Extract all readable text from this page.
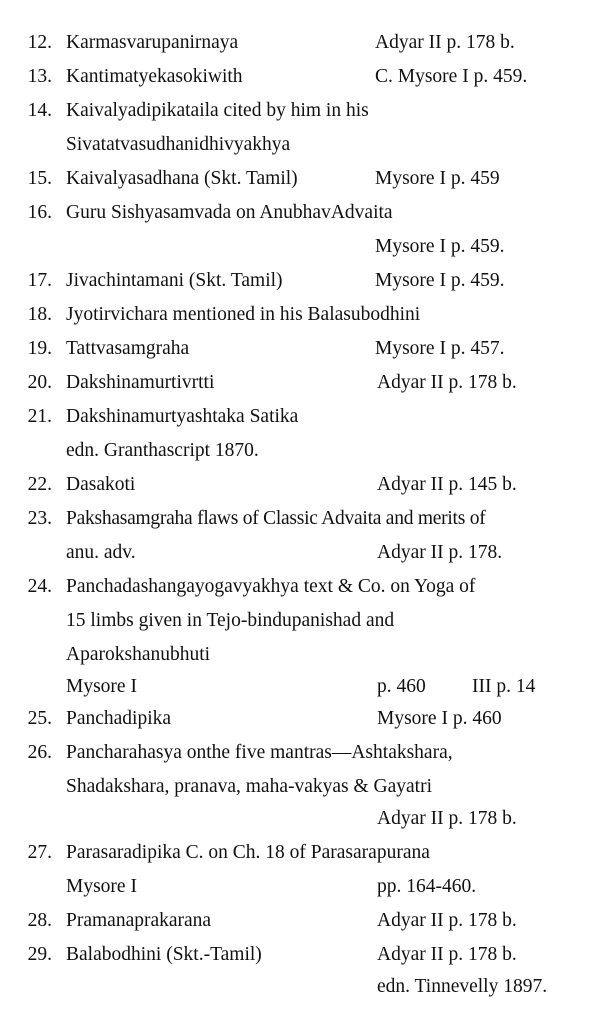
12. Karmasvarupanirnaya	Adyar II p. 178 b.
13. Kantimatyekasokiwith	C. Mysore I p. 459.
14. Kaivalyadipikataila cited by him in his
Sivatatvasudhanidhivyakhya
15. Kaivalyasadhana (Skt. Tamil)	Mysore I p. 459
16. Guru Sishyasamvada on AnubhavAdvaita
Mysore I p. 459.
17. Jivachintamani (Skt. Tamil)	Mysore I p. 459.
18. Jyotirvichara mentioned in his Balasubodhini
19. Tattvasamgraha	Mysore I p. 457.
20. Dakshinamurtivrtti	Adyar II p. 178 b.
21. Dakshinamurtyashtaka Satika
edn. Granthascript 1870.
22. Dasakoti	Adyar II p. 145 b.
23. Pakshasamgraha flaws of Classic Advaita and merits of
anu. adv.	Adyar II p. 178.
24. Panchadashangayogavyakhya text & Co. on Yoga of
15 limbs given in Tejo-bindupanishad and
Aparokshanubhuti
Mysore I	p. 460 III p. 14
25. Panchadipika	Mysore I p. 460
26. Pancharahasya onthe five mantras—Ashtakshara,
Shadakshara, pranava, maha-vakyas & Gayatri
Adyar II p. 178 b.
27. Parasaradipika C. on Ch. 18 of Parasarapurana
Mysore I	pp. 164-460.
28. Pramanaprakarana	Adyar II p. 178 b.
29. Balabodhini (Skt.-Tamil)	Adyar II p. 178 b.
edn. Tinnevelly 1897.
